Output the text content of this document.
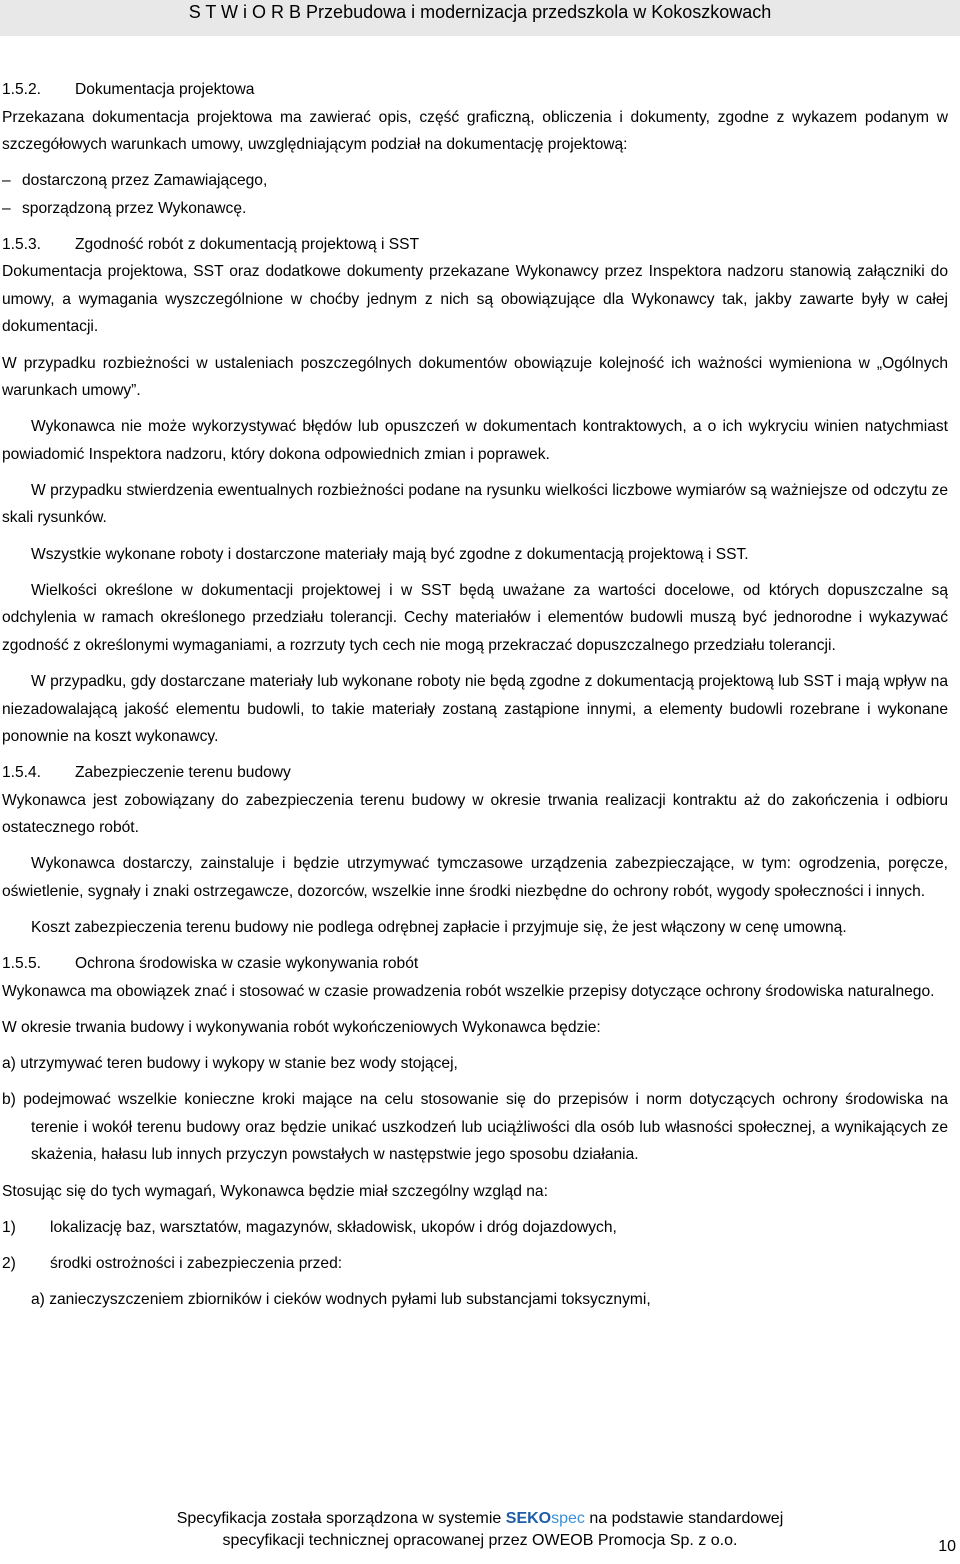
S T W i O R B Przebudowa i modernizacja przedszkola w Kokoszkowach

1.5.2. Dokumentacja projektowa

Przekazana dokumentacja projektowa ma zawierać opis, część graficzną, obliczenia i dokumenty, zgodne z wykazem podanym w szczegółowych warunkach umowy, uwzględniającym podział na dokumentację projektową:

– dostarczoną przez Zamawiającego,

– sporządzoną przez Wykonawcę.

1.5.3. Zgodność robót z dokumentacją projektową i SST

Dokumentacja projektowa, SST oraz dodatkowe dokumenty przekazane Wykonawcy przez Inspektora nadzoru stanowią załączniki do umowy, a wymagania wyszczególnione w choćby jednym z nich są obowiązujące dla Wykonawcy tak, jakby zawarte były w całej dokumentacji.

W przypadku rozbieżności w ustaleniach poszczególnych dokumentów obowiązuje kolejność ich ważności wymieniona w „Ogólnych warunkach umowy”.

Wykonawca nie może wykorzystywać błędów lub opuszczeń w dokumentach kontraktowych, a o ich wykryciu winien natychmiast powiadomić Inspektora nadzoru, który dokona odpowiednich zmian i poprawek.

W przypadku stwierdzenia ewentualnych rozbieżności podane na rysunku wielkości liczbowe wymiarów są ważniejsze od odczytu ze skali rysunków.

Wszystkie wykonane roboty i dostarczone materiały mają być zgodne z dokumentacją projektową i SST.

Wielkości określone w dokumentacji projektowej i w SST będą uważane za wartości docelowe, od których dopuszczalne są odchylenia w ramach określonego przedziału tolerancji. Cechy materiałów i elementów budowli muszą być jednorodne i wykazywać zgodność z określonymi wymaganiami, a rozrzuty tych cech nie mogą przekraczać dopuszczalnego przedziału tolerancji.

W przypadku, gdy dostarczane materiały lub wykonane roboty nie będą zgodne z dokumentacją projektową lub SST i mają wpływ na niezadowalającą jakość elementu budowli, to takie materiały zostaną zastąpione innymi, a elementy budowli rozebrane i wykonane ponownie na koszt wykonawcy.

1.5.4. Zabezpieczenie terenu budowy

Wykonawca jest zobowiązany do zabezpieczenia terenu budowy w okresie trwania realizacji kontraktu aż do zakończenia i odbioru ostatecznego robót.

Wykonawca dostarczy, zainstaluje i będzie utrzymywać tymczasowe urządzenia zabezpieczające, w tym: ogrodzenia, poręcze, oświetlenie, sygnały i znaki ostrzegawcze, dozorców, wszelkie inne środki niezbędne do ochrony robót, wygody społeczności i innych.

Koszt zabezpieczenia terenu budowy nie podlega odrębnej zapłacie i przyjmuje się, że jest włączony w cenę umowną.

1.5.5. Ochrona środowiska w czasie wykonywania robót

Wykonawca ma obowiązek znać i stosować w czasie prowadzenia robót wszelkie przepisy dotyczące ochrony środowiska naturalnego.

W okresie trwania budowy i wykonywania robót wykończeniowych Wykonawca będzie:

a) utrzymywać teren budowy i wykopy w stanie bez wody stojącej,

b) podejmować wszelkie konieczne kroki mające na celu stosowanie się do przepisów i norm dotyczących ochrony środowiska na terenie i wokół terenu budowy oraz będzie unikać uszkodzeń lub uciążliwości dla osób lub własności społecznej, a wynikających ze skażenia, hałasu lub innych przyczyn powstałych w następstwie jego sposobu działania.

Stosując się do tych wymagań, Wykonawca będzie miał szczególny wzgląd na:

1) lokalizację baz, warsztatów, magazynów, składowisk, ukopów i dróg dojazdowych,

2) środki ostrożności i zabezpieczenia przed:

a) zanieczyszczeniem zbiorników i cieków wodnych pyłami lub substancjami toksycznymi,

Specyfikacja została sporządzona w systemie SEKOspec na podstawie standardowej
specyfikacji technicznej opracowanej przez OWEOB Promocja Sp. z o.o.	10
